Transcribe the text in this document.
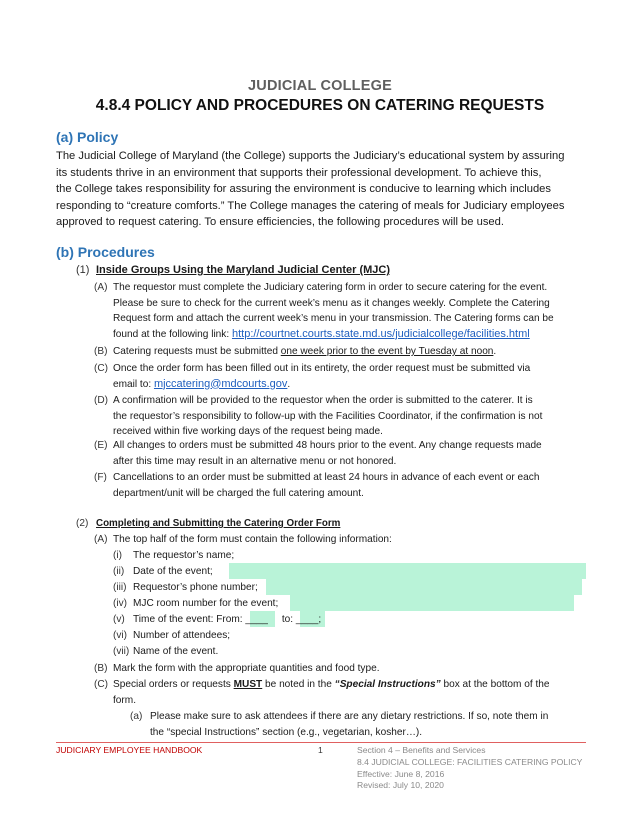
JUDICIAL COLLEGE
4.8.4 POLICY AND PROCEDURES ON CATERING REQUESTS
(a) Policy
The Judicial College of Maryland (the College) supports the Judiciary’s educational system by assuring
its students thrive in an environment that supports their professional development. To achieve this,
the College takes responsibility for assuring the environment is conducive to learning which includes
responding to “creature comforts.” The College manages the catering of meals for Judiciary employees
approved to request catering. To ensure efficiencies, the following procedures will be used.
(b) Procedures
(1) Inside Groups Using the Maryland Judicial Center (MJC)
(A) The requestor must complete the Judiciary catering form in order to secure catering for the event.
Please be sure to check for the current week’s menu as it changes weekly. Complete the Catering
Request form and attach the current week’s menu in your transmission. The Catering forms can be
found at the following link: http://courtnet.courts.state.md.us/judicialcollege/facilities.html
(B) Catering requests must be submitted one week prior to the event by Tuesday at noon.
(C) Once the order form has been filled out in its entirety, the order request must be submitted via
email to: mjccatering@mdcourts.gov.
(D) A confirmation will be provided to the requestor when the order is submitted to the caterer. It is
the requestor’s responsibility to follow-up with the Facilities Coordinator, if the confirmation is not
received within five working days of the request being made.
(E) All changes to orders must be submitted 48 hours prior to the event. Any change requests made
after this time may result in an alternative menu or not honored.
(F) Cancellations to an order must be submitted at least 24 hours in advance of each event or each
department/unit will be charged the full catering amount.
(2) Completing and Submitting the Catering Order Form
(A) The top half of the form must contain the following information:
(i) The requestor’s name;
(ii) Date of the event;
(iii) Requestor’s phone number;
(iv) MJC room number for the event;
(v) Time of the event: From: ____     to: ____;
(vi) Number of attendees;
(vii) Name of the event.
(B) Mark the form with the appropriate quantities and food type.
(C) Special orders or requests MUST be noted in the “Special Instructions” box at the bottom of the
form.
(a) Please make sure to ask attendees if there are any dietary restrictions. If so, note them in
the “special Instructions” section (e.g., vegetarian, kosher…).
JUDICIARY EMPLOYEE HANDBOOK	1	Section 4 – Benefits and Services
8.4 JUDICIAL COLLEGE: FACILITIES CATERING POLICY
Effective: June 8, 2016
Revised: July 10, 2020
